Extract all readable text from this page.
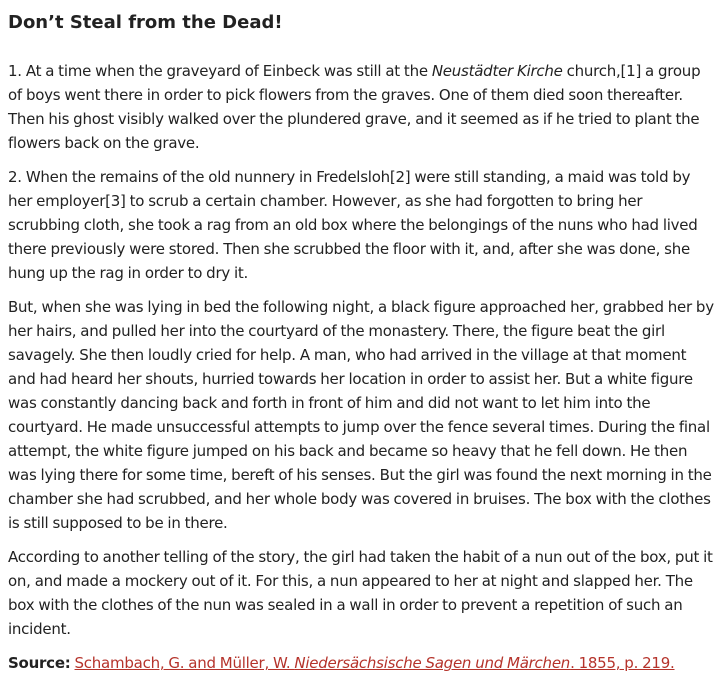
Don’t Steal from the Dead!

1. At a time when the graveyard of Einbeck was still at the Neustädter Kirche church,[1] a group of boys went there in order to pick flowers from the graves. One of them died soon thereafter. Then his ghost visibly walked over the plundered grave, and it seemed as if he tried to plant the flowers back on the grave.

2. When the remains of the old nunnery in Fredelsloh[2] were still standing, a maid was told by her employer[3] to scrub a certain chamber. However, as she had forgotten to bring her scrubbing cloth, she took a rag from an old box where the belongings of the nuns who had lived there previously were stored. Then she scrubbed the floor with it, and, after she was done, she hung up the rag in order to dry it.

But, when she was lying in bed the following night, a black figure approached her, grabbed her by her hairs, and pulled her into the courtyard of the monastery. There, the figure beat the girl savagely. She then loudly cried for help. A man, who had arrived in the village at that moment and had heard her shouts, hurried towards her location in order to assist her. But a white figure was constantly dancing back and forth in front of him and did not want to let him into the courtyard. He made unsuccessful attempts to jump over the fence several times. During the final attempt, the white figure jumped on his back and became so heavy that he fell down. He then was lying there for some time, bereft of his senses. But the girl was found the next morning in the chamber she had scrubbed, and her whole body was covered in bruises. The box with the clothes is still supposed to be in there.

According to another telling of the story, the girl had taken the habit of a nun out of the box, put it on, and made a mockery out of it. For this, a nun appeared to her at night and slapped her. The box with the clothes of the nun was sealed in a wall in order to prevent a repetition of such an incident.

Source: Schambach, G. and Müller, W. Niedersächsische Sagen und Märchen. 1855, p. 219.
